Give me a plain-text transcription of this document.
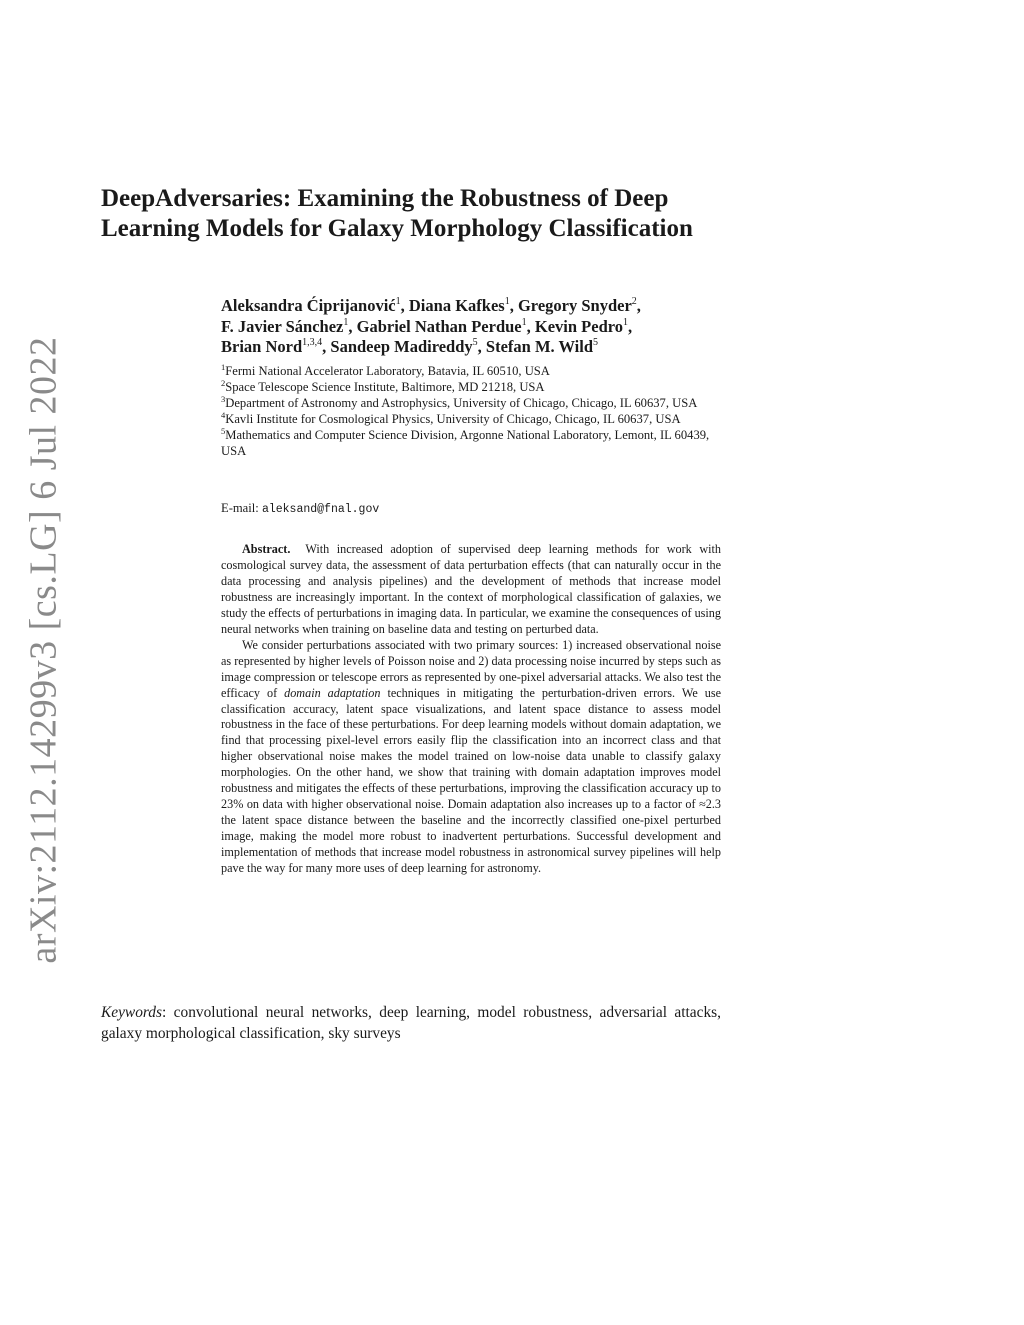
arXiv:2112.14299v3 [cs.LG] 6 Jul 2022
DeepAdversaries: Examining the Robustness of Deep Learning Models for Galaxy Morphology Classification
Aleksandra Ćiprijanović$^1$, Diana Kafkes$^1$, Gregory Snyder$^2$,
F. Javier Sánchez$^1$, Gabriel Nathan Perdue$^1$, Kevin Pedro$^1$,
Brian Nord$^{1,3,4}$, Sandeep Madireddy$^5$, Stefan M. Wild$^5$
$^1$Fermi National Accelerator Laboratory, Batavia, IL 60510, USA
$^2$Space Telescope Science Institute, Baltimore, MD 21218, USA
$^3$Department of Astronomy and Astrophysics, University of Chicago, Chicago, IL 60637, USA
$^4$Kavli Institute for Cosmological Physics, University of Chicago, Chicago, IL 60637, USA
$^5$Mathematics and Computer Science Division, Argonne National Laboratory, Lemont, IL 60439, USA
E-mail: aleksand@fnal.gov

Abstract. With increased adoption of supervised deep learning methods for work with cosmological survey data, the assessment of data perturbation effects (that can naturally occur in the data processing and analysis pipelines) and the development of methods that increase model robustness are increasingly important. In the context of morphological classification of galaxies, we study the effects of perturbations in imaging data. In particular, we examine the consequences of using neural networks when training on baseline data and testing on perturbed data.

We consider perturbations associated with two primary sources: 1) increased observational noise as represented by higher levels of Poisson noise and 2) data processing noise incurred by steps such as image compression or telescope errors as represented by one-pixel adversarial attacks. We also test the efficacy of domain adaptation techniques in mitigating the perturbation-driven errors. We use classification accuracy, latent space visualizations, and latent space distance to assess model robustness in the face of these perturbations. For deep learning models without domain adaptation, we find that processing pixel-level errors easily flip the classification into an incorrect class and that higher observational noise makes the model trained on low-noise data unable to classify galaxy morphologies. On the other hand, we show that training with domain adaptation improves model robustness and mitigates the effects of these perturbations, improving the classification accuracy up to 23% on data with higher observational noise. Domain adaptation also increases up to a factor of ≈2.3 the latent space distance between the baseline and the incorrectly classified one-pixel perturbed image, making the model more robust to inadvertent perturbations. Successful development and implementation of methods that increase model robustness in astronomical survey pipelines will help pave the way for many more uses of deep learning for astronomy.

Keywords: convolutional neural networks, deep learning, model robustness, adversarial attacks, galaxy morphological classification, sky surveys
